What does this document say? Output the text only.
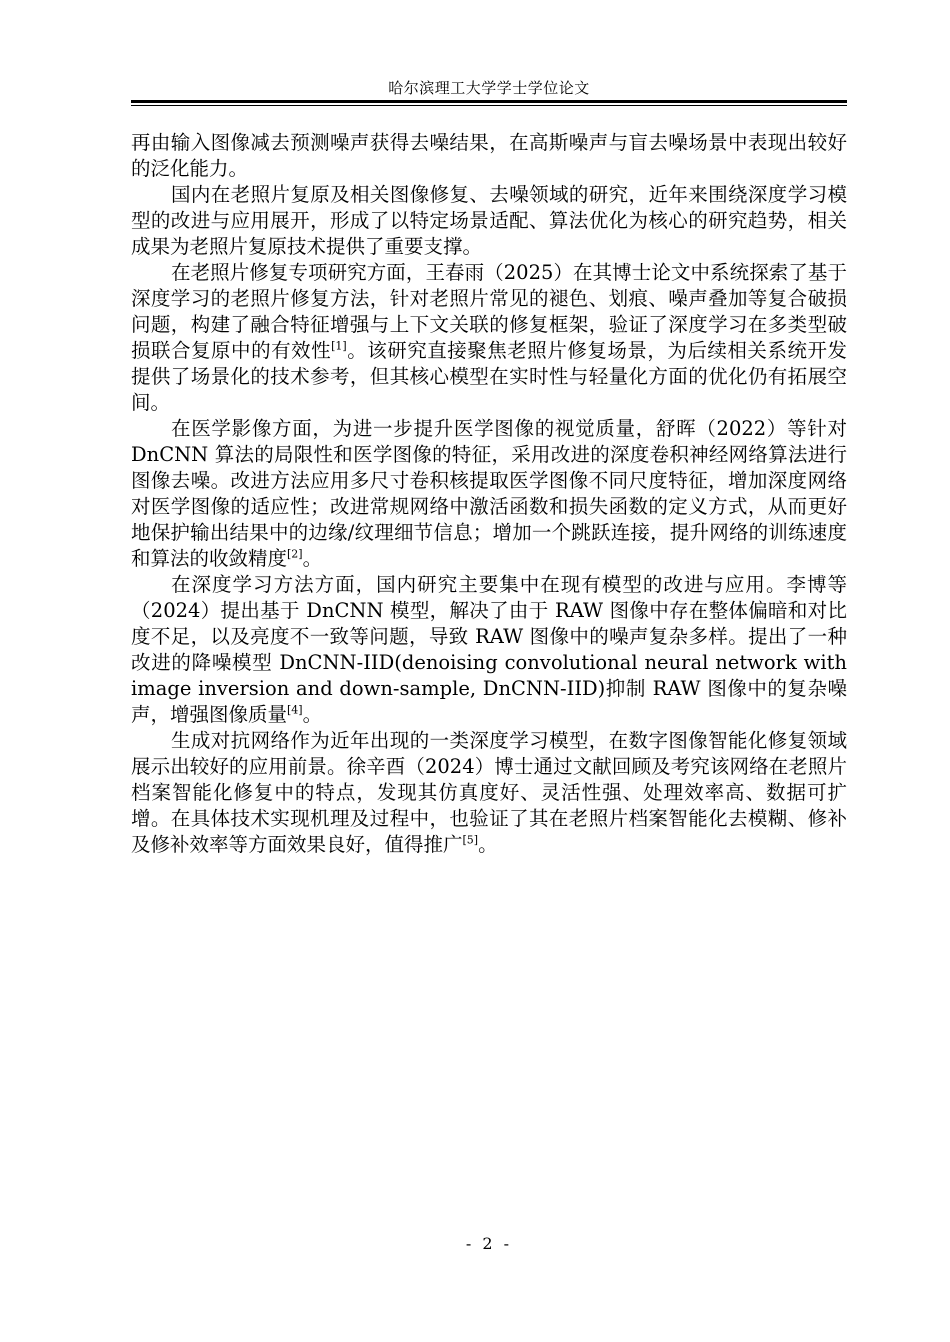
哈尔滨理工大学学士学位论文

再由输入图像减去预测噪声获得去噪结果，在高斯噪声与盲去噪场景中表现出较好的泛化能力。

国内在老照片复原及相关图像修复、去噪领域的研究，近年来围绕深度学习模型的改进与应用展开，形成了以特定场景适配、算法优化为核心的研究趋势，相关成果为老照片复原技术提供了重要支撑。

在老照片修复专项研究方面，王春雨（2025）在其博士论文中系统探索了基于深度学习的老照片修复方法，针对老照片常见的褪色、划痕、噪声叠加等复合破损问题，构建了融合特征增强与上下文关联的修复框架，验证了深度学习在多类型破损联合复原中的有效性[1]。该研究直接聚焦老照片修复场景，为后续相关系统开发提供了场景化的技术参考，但其核心模型在实时性与轻量化方面的优化仍有拓展空间。

在医学影像方面，为进一步提升医学图像的视觉质量，舒晖（2022）等针对 DnCNN 算法的局限性和医学图像的特征，采用改进的深度卷积神经网络算法进行图像去噪。改进方法应用多尺寸卷积核提取医学图像不同尺度特征，增加深度网络对医学图像的适应性；改进常规网络中激活函数和损失函数的定义方式，从而更好地保护输出结果中的边缘/纹理细节信息；增加一个跳跃连接，提升网络的训练速度和算法的收敛精度[2]。

在深度学习方法方面，国内研究主要集中在现有模型的改进与应用。李博等（2024）提出基于 DnCNN 模型，解决了由于 RAW 图像中存在整体偏暗和对比度不足，以及亮度不一致等问题，导致 RAW 图像中的噪声复杂多样。提出了一种改进的降噪模型 DnCNN-IID(denoising convolutional neural network with image inversion and down-sample, DnCNN-IID)抑制 RAW 图像中的复杂噪声，增强图像质量[4]。

生成对抗网络作为近年出现的一类深度学习模型，在数字图像智能化修复领域展示出较好的应用前景。徐辛酉（2024）博士通过文献回顾及考究该网络在老照片档案智能化修复中的特点，发现其仿真度好、灵活性强、处理效率高、数据可扩增。在具体技术实现机理及过程中，也验证了其在老照片档案智能化去模糊、修补及修补效率等方面效果良好，值得推广[5]。

- 2 -
